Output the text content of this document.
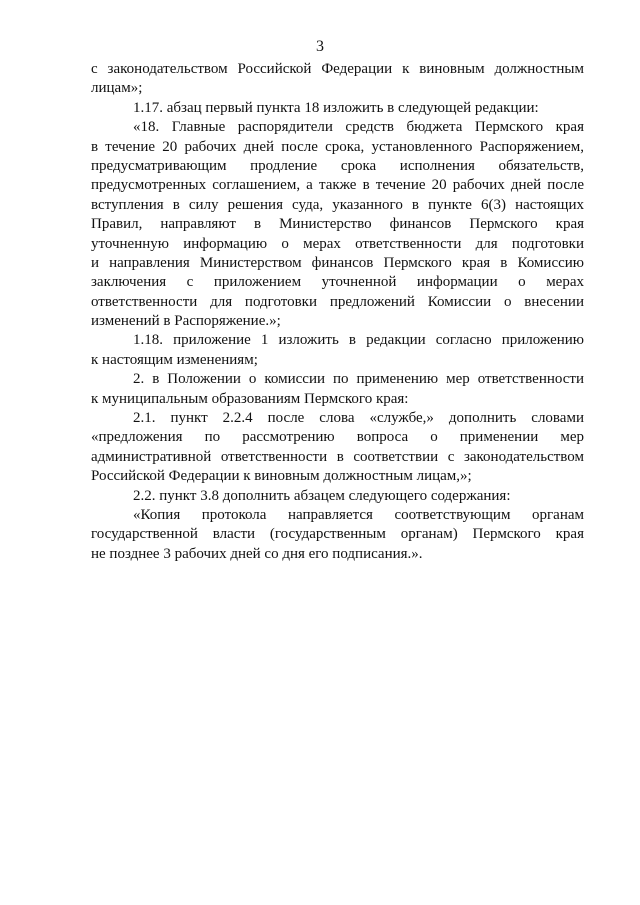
3
с законодательством Российской Федерации к виновным должностным
лицам»;
1.17. абзац первый пункта 18 изложить в следующей редакции:
«18. Главные распорядители средств бюджета Пермского края
в течение 20 рабочих дней после срока, установленного Распоряжением,
предусматривающим продление срока исполнения обязательств,
предусмотренных соглашением, а также в течение 20 рабочих дней после
вступления в силу решения суда, указанного в пункте 6(3) настоящих
Правил, направляют в Министерство финансов Пермского края
уточненную информацию о мерах ответственности для подготовки
и направления Министерством финансов Пермского края в Комиссию
заключения с приложением уточненной информации о мерах
ответственности для подготовки предложений Комиссии о внесении
изменений в Распоряжение.»;
1.18. приложение 1 изложить в редакции согласно приложению
к настоящим изменениям;
2. в Положении о комиссии по применению мер ответственности
к муниципальным образованиям Пермского края:
2.1. пункт 2.2.4 после слова «службе,» дополнить словами
«предложения по рассмотрению вопроса о применении мер
административной ответственности в соответствии с законодательством
Российской Федерации к виновным должностным лицам,»;
2.2. пункт 3.8 дополнить абзацем следующего содержания:
«Копия протокола направляется соответствующим органам
государственной власти (государственным органам) Пермского края
не позднее 3 рабочих дней со дня его подписания.».
